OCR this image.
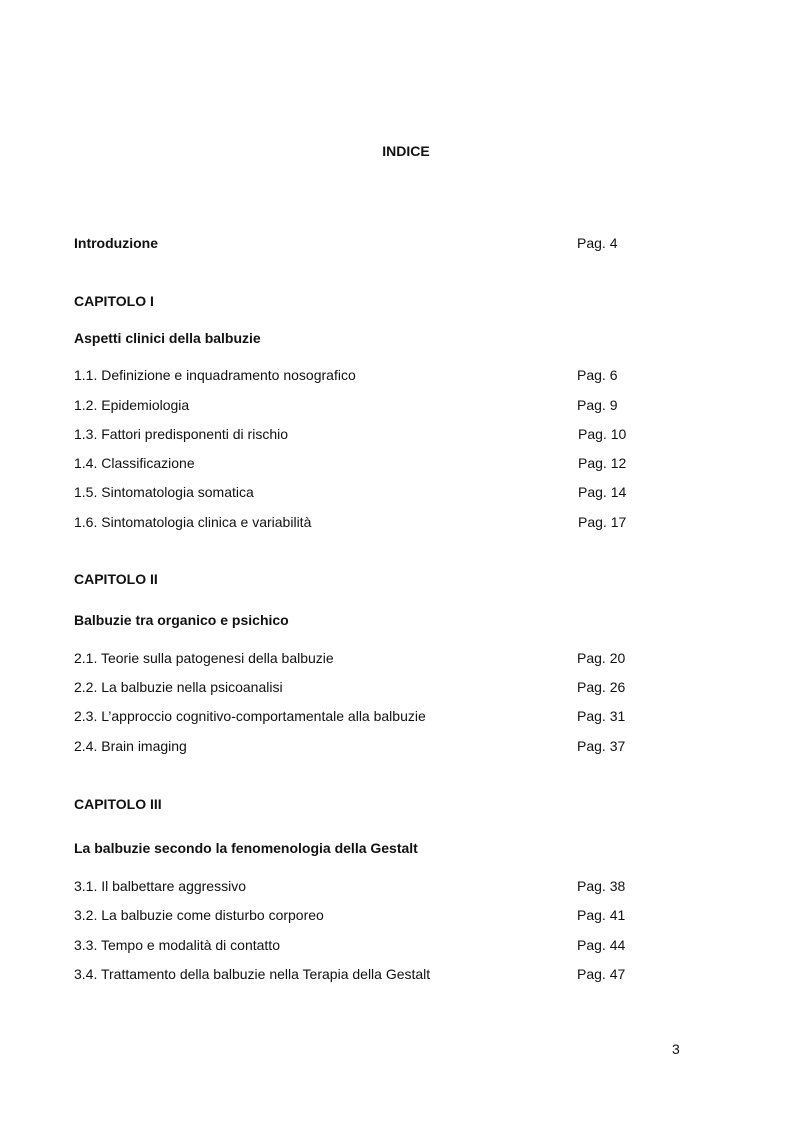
INDICE
Introduzione	Pag. 4
CAPITOLO I
Aspetti clinici della balbuzie
1.1. Definizione e inquadramento nosografico	Pag. 6
1.2. Epidemiologia	Pag. 9
1.3. Fattori predisponenti di rischio	Pag. 10
1.4. Classificazione	Pag. 12
1.5. Sintomatologia somatica	Pag. 14
1.6. Sintomatologia clinica e variabilità	Pag. 17
CAPITOLO II
Balbuzie tra organico e psichico
2.1. Teorie sulla patogenesi della balbuzie	Pag. 20
2.2. La balbuzie nella psicoanalisi	Pag. 26
2.3. L’approccio cognitivo-comportamentale alla balbuzie	Pag. 31
2.4. Brain imaging	Pag. 37
CAPITOLO III
La balbuzie secondo la fenomenologia della Gestalt
3.1. Il balbettare aggressivo	Pag. 38
3.2. La balbuzie come disturbo corporeo	Pag. 41
3.3. Tempo e modalità di contatto	Pag. 44
3.4. Trattamento della balbuzie nella Terapia della Gestalt	Pag. 47
3
